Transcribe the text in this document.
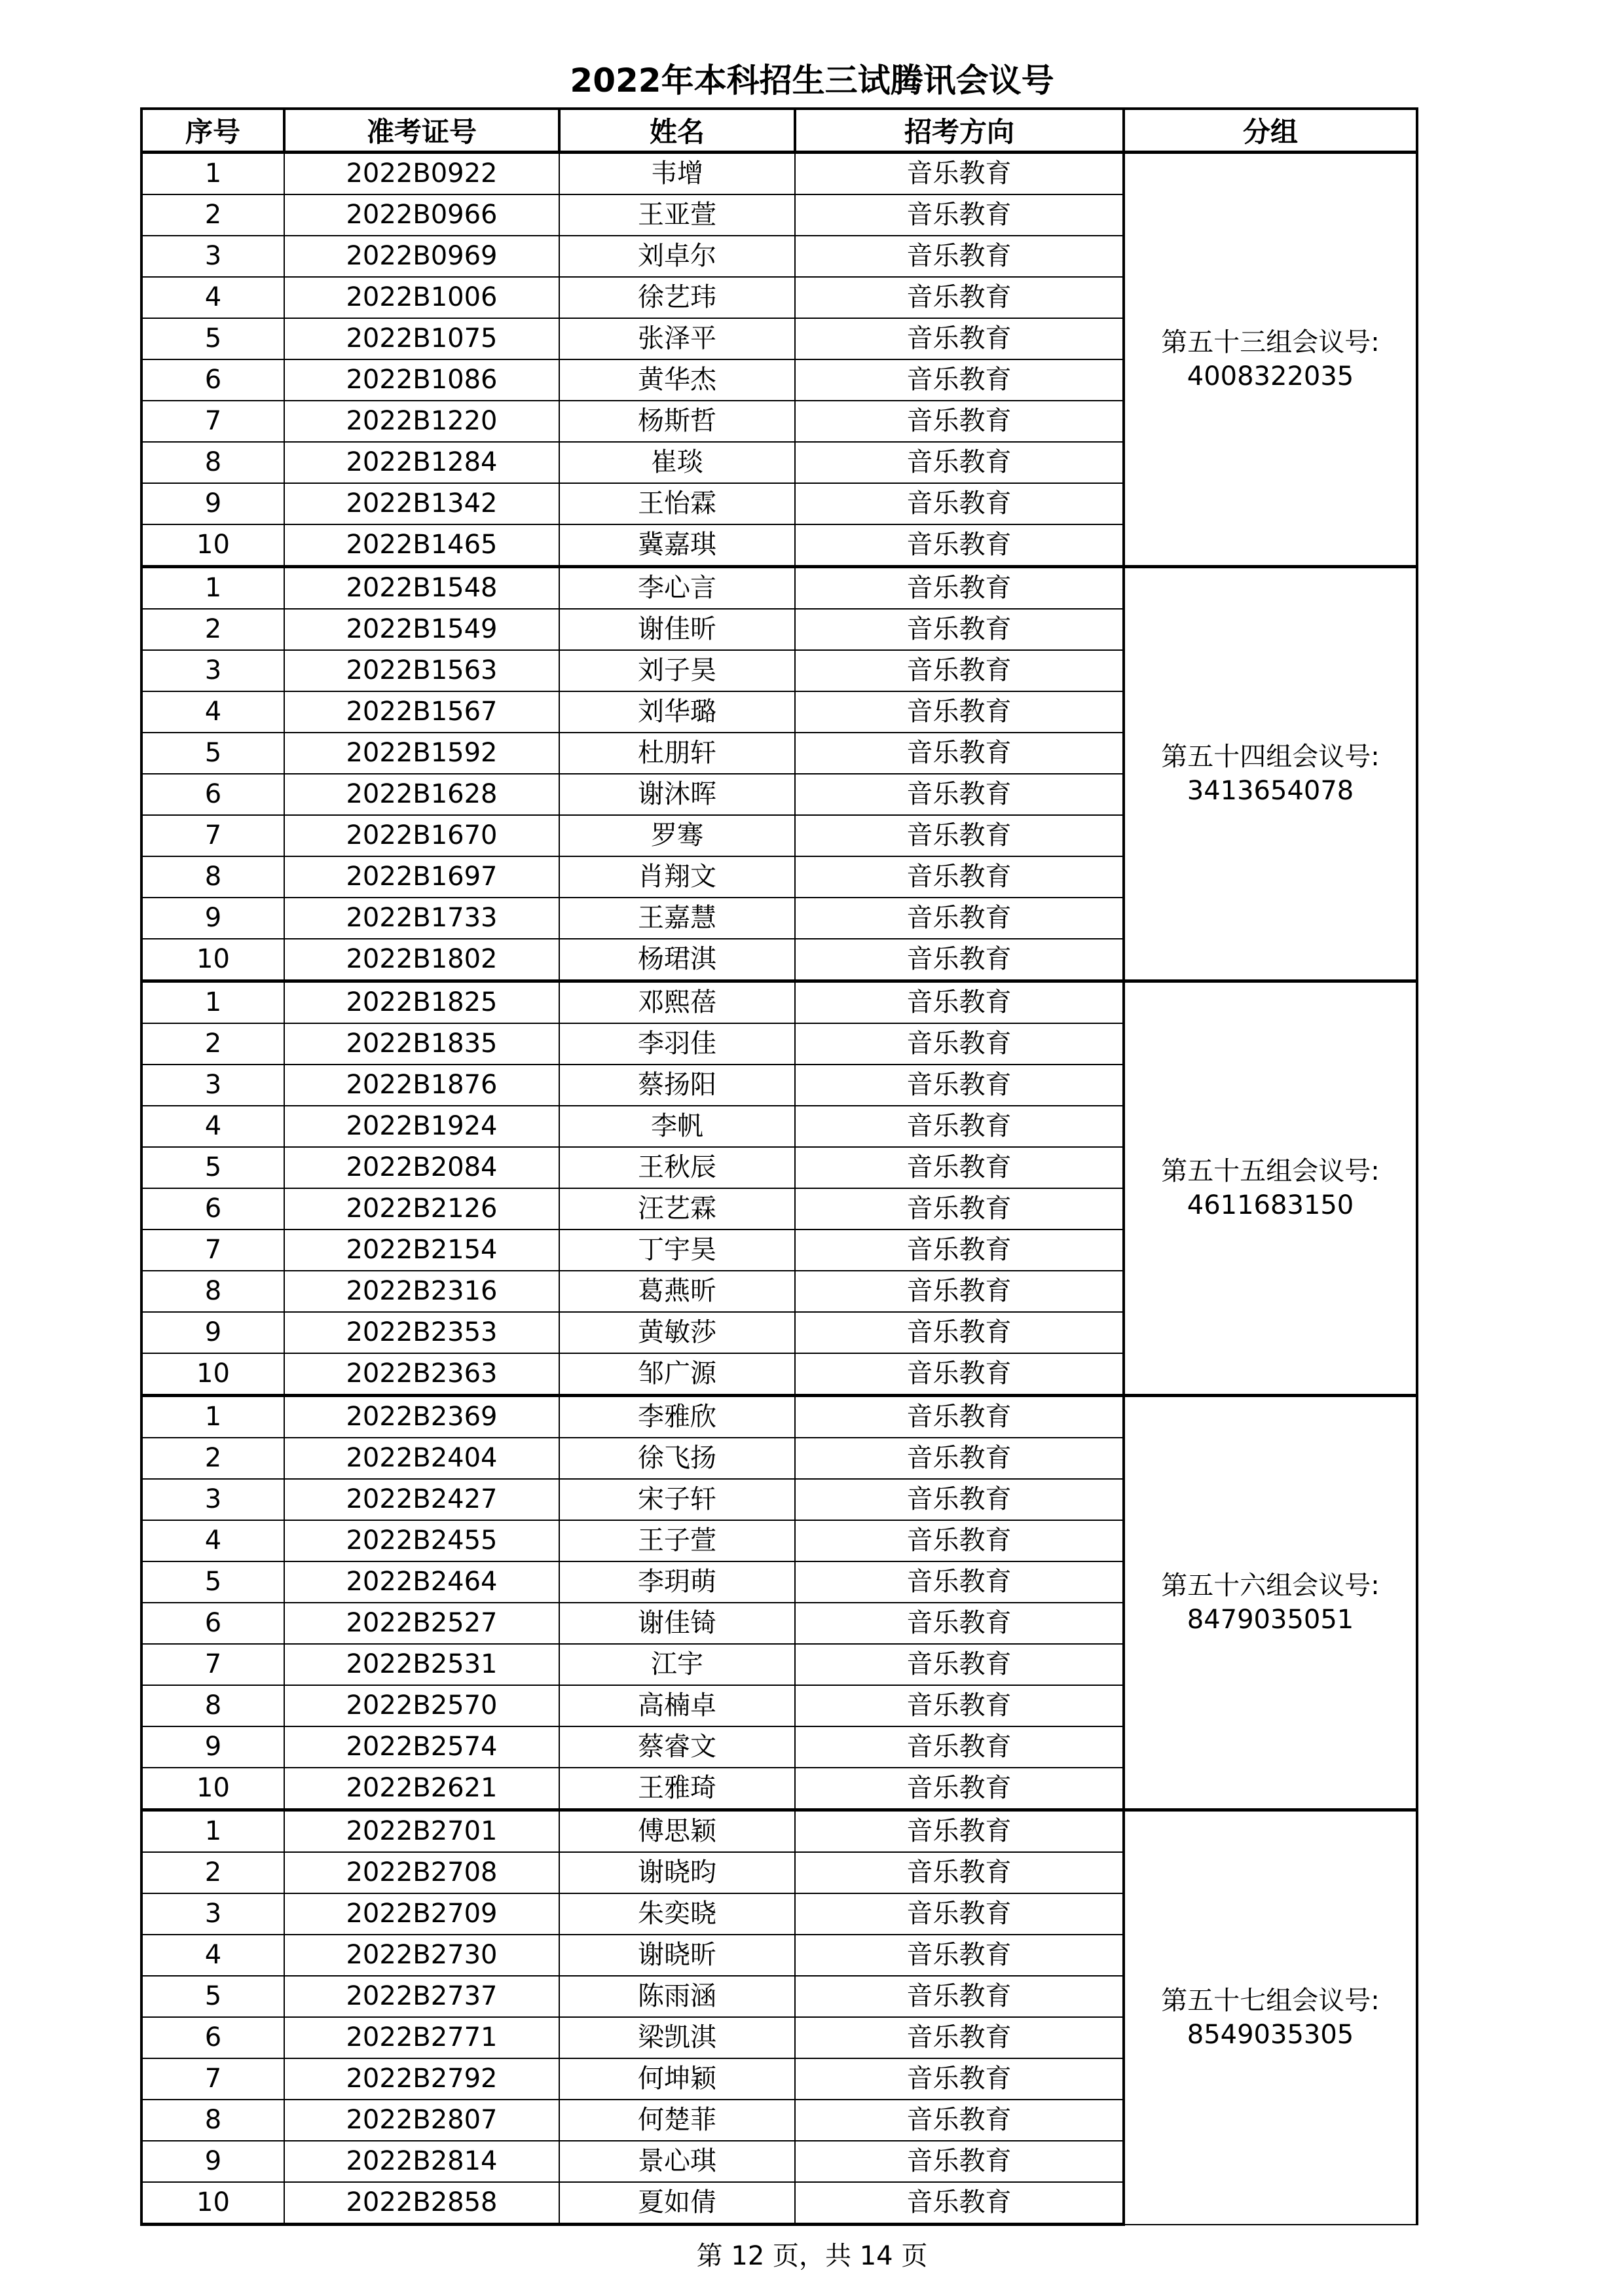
2022年本科招生三试腾讯会议号
序号	准考证号	姓名	招考方向	分组
1	2022B0922	韦增	音乐教育	第五十三组会议号:
4008322035

2	2022B0966	王亚萱	音乐教育	
3	2022B0969	刘卓尔	音乐教育	
4	2022B1006	徐艺玮	音乐教育	
5	2022B1075	张泽平	音乐教育	
6	2022B1086	黄华杰	音乐教育	
7	2022B1220	杨斯哲	音乐教育	
8	2022B1284	崔琰	音乐教育	
9	2022B1342	王怡霖	音乐教育	
10	2022B1465	冀嘉琪	音乐教育	
1	2022B1548	李心言	音乐教育	第五十四组会议号:
3413654078

2	2022B1549	谢佳昕	音乐教育	
3	2022B1563	刘子昊	音乐教育	
4	2022B1567	刘华璐	音乐教育	
5	2022B1592	杜朋轩	音乐教育	
6	2022B1628	谢沐晖	音乐教育	
7	2022B1670	罗骞	音乐教育	
8	2022B1697	肖翔文	音乐教育	
9	2022B1733	王嘉慧	音乐教育	
10	2022B1802	杨珺淇	音乐教育	
1	2022B1825	邓熙蓓	音乐教育	第五十五组会议号:
4611683150

2	2022B1835	李羽佳	音乐教育	
3	2022B1876	蔡扬阳	音乐教育	
4	2022B1924	李帆	音乐教育	
5	2022B2084	王秋辰	音乐教育	
6	2022B2126	汪艺霖	音乐教育	
7	2022B2154	丁宇昊	音乐教育	
8	2022B2316	葛燕昕	音乐教育	
9	2022B2353	黄敏莎	音乐教育	
10	2022B2363	邹广源	音乐教育	
1	2022B2369	李雅欣	音乐教育	第五十六组会议号:
8479035051

2	2022B2404	徐飞扬	音乐教育	
3	2022B2427	宋子轩	音乐教育	
4	2022B2455	王子萱	音乐教育	
5	2022B2464	李玥萌	音乐教育	
6	2022B2527	谢佳锜	音乐教育	
7	2022B2531	江宇	音乐教育	
8	2022B2570	高楠卓	音乐教育	
9	2022B2574	蔡睿文	音乐教育	
10	2022B2621	王雅琦	音乐教育	
1	2022B2701	傅思颖	音乐教育	第五十七组会议号:
8549035305

2	2022B2708	谢晓昀	音乐教育	
3	2022B2709	朱奕晓	音乐教育	
4	2022B2730	谢晓昕	音乐教育	
5	2022B2737	陈雨涵	音乐教育	
6	2022B2771	梁凯淇	音乐教育	
7	2022B2792	何坤颖	音乐教育	
8	2022B2807	何楚菲	音乐教育	
9	2022B2814	景心琪	音乐教育	
10	2022B2858	夏如倩	音乐教育	
第 12 页，共 14 页
